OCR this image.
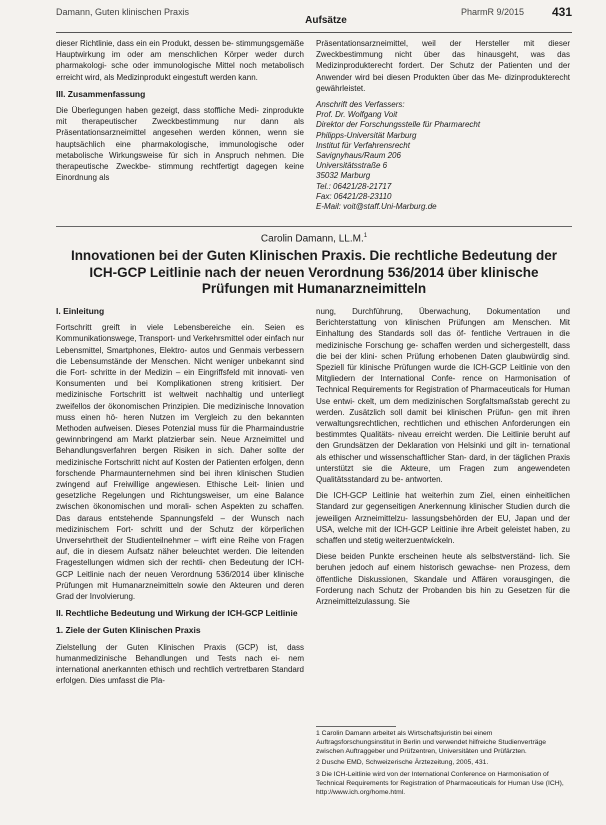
Damann, Guten klinischen Praxis
Aufsätze
PharmR 9/2015 431

dieser Richtlinie, dass ein ein Produkt, dessen be- stimmungsgemäße Hauptwirkung im oder am menschlichen Körper weder durch pharmakologi- sche oder immunologische Mittel noch metabolisch erreicht wird, als Medizinprodukt eingestuft werden kann.

III. Zusammenfassung

Die Überlegungen haben gezeigt, dass stoffliche Medi- zinprodukte mit therapeutischer Zweckbestimmung nur dann als Präsentationsarzneimittel angesehen werden können, wenn sie hauptsächlich eine pharmakologische, immunologische oder metabolische Wirkungsweise für sich in Anspruch nehmen. Die therapeutische Zweckbe- stimmung rechtfertigt dagegen keine Einordnung als

Präsentationsarzneimittel, weil der Hersteller mit dieser Zweckbestimmung nicht über das hinausgeht, was das Medizinprodukterecht fordert. Der Schutz der Patienten und der Anwender wird bei diesen Produkten über das Me- dizinprodukterecht gewährleistet.

Anschrift des Verfassers:
Prof. Dr. Wolfgang Voit
Direktor der Forschungsstelle für Pharmarecht
Philipps-Universität Marburg
Institut für Verfahrensrecht
Savignyhaus/Raum 206
Universitätsstraße 6
35032 Marburg
Tel.: 06421/28-21717
Fax: 06421/28-23110
E-Mail: voit@staff.Uni-Marburg.de
Carolin Damann, LL.M.$^1$
Innovationen bei der Guten Klinischen Praxis. Die rechtliche Bedeutung der ICH-GCP Leitlinie nach der neuen Verordnung 536/2014 über klinische Prüfungen mit Humanarzneimitteln
I. Einleitung

Fortschritt greift in viele Lebensbereiche ein. Seien es Kommunikationswege, Transport- und Verkehrsmittel oder einfach nur Lebensmittel, Smartphones, Elektro- autos und Genmais verbessern die Lebensumstände der Menschen. Nicht weniger unbekannt sind die Fort- schritte in der Medizin – ein Eingriffsfeld mit innovati- ven Konsumenten und bei Komplikationen streng kritisiert. Der medizinische Fortschritt ist weltweit nachhaltig und unterliegt zweifellos der ökonomischen Prinzipien. Die medizinische Innovation muss einen hö- heren Nutzen im Vergleich zu den bekannten Methoden aufweisen. Dieses Potenzial muss für die Pharmaindustrie gewinnbringend am Markt platzierbar sein. Neue Arzneimittel und Behandlungsverfahren bergen Risiken in sich. Daher sollte der medizinische Fortschritt nicht auf Kosten der Patienten erfolgen, denn forschende Pharmaunternehmen sind bei ihren klinischen Studien zwingend auf Freiwillige angewiesen. Ethische Leit- linien und gesetzliche Regelungen und Richtungsweiser, um eine Balance zwischen ökonomischen und morali- schen Aspekten zu schaffen. Das daraus entstehende Spannungsfeld – der Wunsch nach medizinischem Fort- schritt und der Schutz der körperlichen Unversehrtheit der Studienteilnehmer – wirft eine Reihe von Fragen auf, die in diesem Aufsatz näher beleuchtet werden. Die leitenden Fragestellungen widmen sich der rechtli- chen Bedeutung der ICH-GCP Leitlinie nach der neuen Verordnung 536/2014 über klinische Prüfungen mit Humanarzneimitteln sowie den Akteuren und deren Grad der Involvierung.

II. Rechtliche Bedeutung und Wirkung der ICH-GCP Leitlinie
1. Ziele der Guten Klinischen Praxis

Zielstellung der Guten Klinischen Praxis (GCP) ist, dass humanmedizinische Behandlungen und Tests nach ei- nem international anerkannten ethisch und rechtlich vertretbaren Standard erfolgen. Dies umfasst die Pla-

nung, Durchführung, Überwachung, Dokumentation und Berichterstattung von klinischen Prüfungen am Menschen. Mit Einhaltung des Standards soll das öf- fentliche Vertrauen in die medizinische Forschung ge- schaffen werden und sichergestellt, dass die bei der klini- schen Prüfung erhobenen Daten glaubwürdig sind. Speziell für klinische Prüfungen wurde die ICH-GCP Leitlinie von den Mitgliedern der International Confe- rence on Harmonisation of Technical Requirements for Registration of Pharmaceuticals for Human Use entwi- ckelt, um dem medizinischen Sorgfaltsmaßstab gerecht zu werden. Zusätzlich soll damit bei klinischen Prüfun- gen mit ihren verwaltungsrechtlichen, rechtlichen und ethischen Anforderungen ein bestimmtes Qualitäts- niveau erreicht werden. Die Leitlinie beruht auf den Grundsätzen der Deklaration von Helsinki und gilt in- ternational als ethischer und wissenschaftlicher Stan- dard, in der täglichen Praxis unterstützt sie die Akteure, um Fragen zum angewendeten Qualitätsstandard zu be- antworten.

Die ICH-GCP Leitlinie hat weiterhin zum Ziel, einen einheitlichen Standard zur gegenseitigen Anerkennung klinischer Studien durch die jeweiligen Arzneimittelzu- lassungsbehörden der EU, Japan und der USA, welche mit der ICH-GCP Leitlinie ihre Arbeit geleistet haben, zu schaffen und stetig weiterzuentwickeln.

Diese beiden Punkte erscheinen heute als selbstverständ- lich. Sie beruhen jedoch auf einem historisch gewachse- nen Prozess, dem öffentliche Diskussionen, Skandale und Affären vorausgingen, die Forderung nach Schutz der Probanden bis hin zu Gesetzen für die Arzneimittelzulassung. Sie

1 Carolin Damann arbeitet als Wirtschaftsjuristin bei einem Auftragsforschungsinstitut in Berlin und verwendet hilfreiche Studienverträge zwischen Auftraggeber und Prüfzentren, Universitäten und Prüfärzten.
2 Dusche EMD, Schweizerische Ärztezeitung, 2005, 431.
3 Die ICH-Leitlinie wird von der International Conference on Harmonisation of Technical Requirements for Registration of Pharmaceuticals for Human Use (ICH), http://www.ich.org/home.html.
